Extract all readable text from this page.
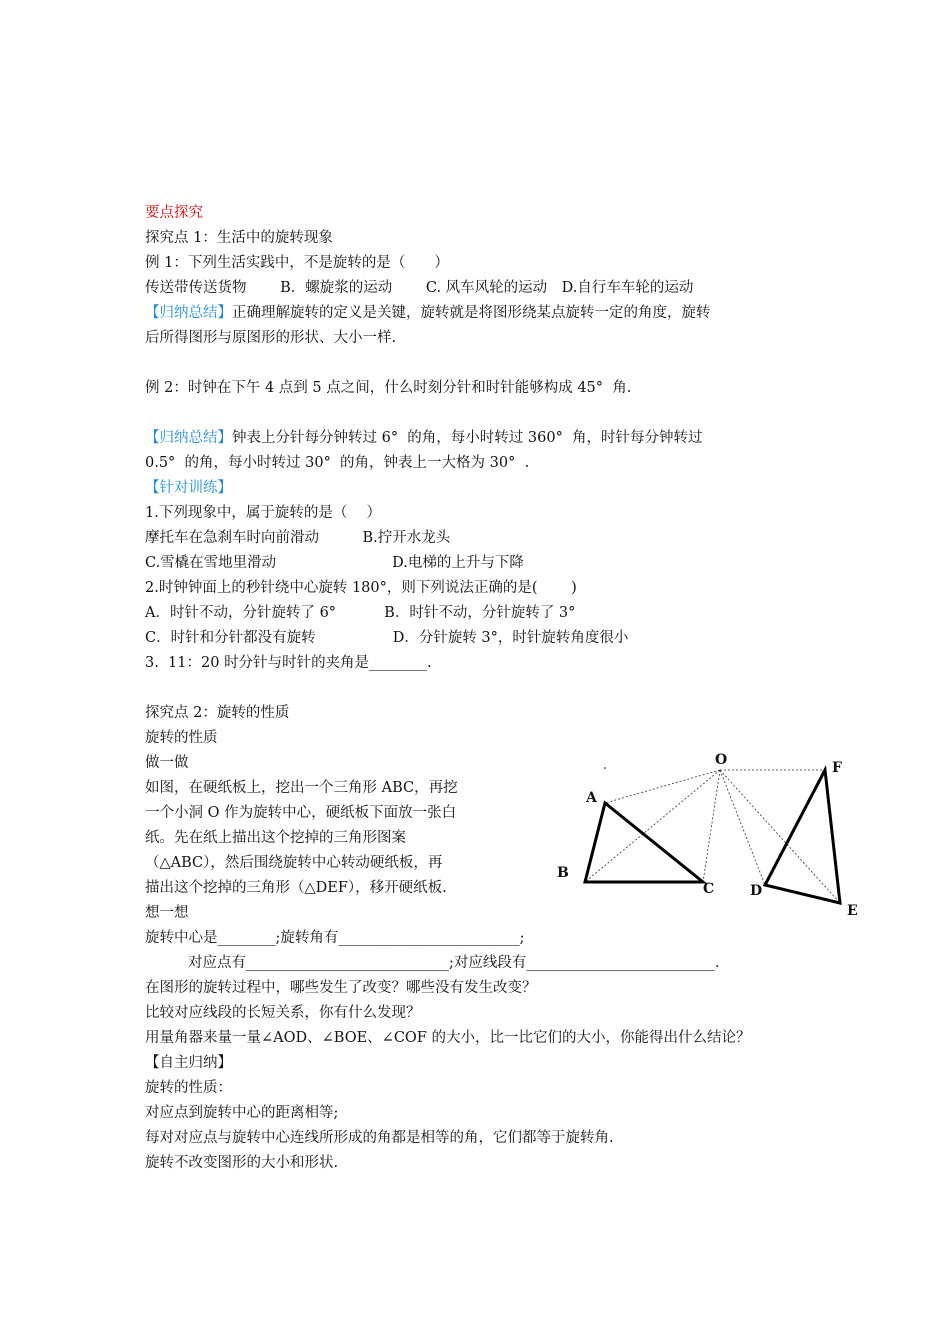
要点探究
探究点 1：生活中的旋转现象
例 1：下列生活实践中，不是旋转的是（　　）
传送带传送货物　　 B．螺旋浆的运动　　 C. 风车风轮的运动　D.自行车车轮的运动
【归纳总结】正确理解旋转的定义是关键，旋转就是将图形绕某点旋转一定的角度，旋转
后所得图形与原图形的形状、大小一样.
例 2：时钟在下午 4 点到 5 点之间，什么时刻分针和时针能够构成 45°  角.
【归纳总结】钟表上分针每分钟转过 6°  的角，每小时转过 360°  角，时针每分钟转过
0.5°  的角，每小时转过 30°  的角，钟表上一大格为 30°  .
【针对训练】
1.下列现象中，属于旋转的是（　 ）
摩托车在急刹车时向前滑动　　　B.拧开水龙头
C.雪橇在雪地里滑动　　　　　　　　D.电梯的上升与下降
2.时钟钟面上的秒针绕中心旋转 180°，则下列说法正确的是(　　 )
A．时针不动，分针旋转了 6°　　　 B．时针不动，分针旋转了 3°
C．时针和分针都没有旋转　　　　　 D．分针旋转 3°，时针旋转角度很小
3.  11：20 时分针与时针的夹角是________.
探究点 2：旋转的性质
旋转的性质
做一做
如图，在硬纸板上，挖出一个三角形 ABC，再挖
一个小洞 O 作为旋转中心，硬纸板下面放一张白
纸。先在纸上描出这个挖掉的三角形图案
（△ABC），然后围绕旋转中心转动硬纸板，再
描出这个挖掉的三角形（△DEF），移开硬纸板.
想一想
旋转中心是________;旋转角有_________________________;
对应点有____________________________;对应线段有__________________________.
在图形的旋转过程中，哪些发生了改变？哪些没有发生改变？
比较对应线段的长短关系，你有什么发现？
用量角器来量一量∠AOD、∠BOE、∠COF 的大小，比一比它们的大小，你能得出什么结论？
【自主归纳】
旋转的性质：
对应点到旋转中心的距离相等;
每对对应点与旋转中心连线所形成的角都是相等的角，它们都等于旋转角.
旋转不改变图形的大小和形状.
O
A
B
C	D
E
F
